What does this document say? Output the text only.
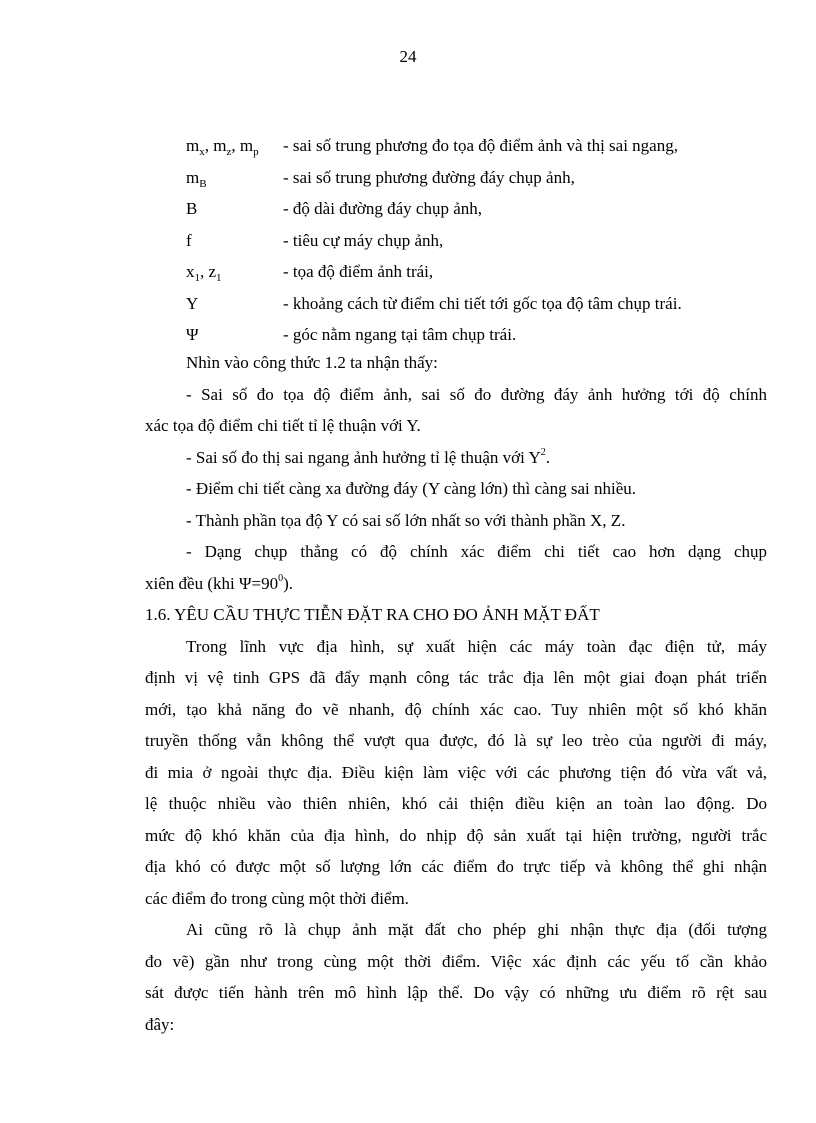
24
$m_x$, $m_z$, $m_p$ - sai số trung phương đo tọa độ điểm ảnh và thị sai ngang,
$m_B$	- sai số trung phương đường đáy chụp ảnh,
B	- độ dài đường đáy chụp ảnh,
f	- tiêu cự máy chụp ảnh,
$x_1$, $z_1$	- tọa độ điểm ảnh trái,
Y	- khoảng cách từ điểm chi tiết tới gốc tọa độ tâm chụp trái.
Ψ	- góc nằm ngang tại tâm chụp trái.

Nhìn vào công thức 1.2 ta nhận thấy:

- Sai số đo tọa độ điểm ảnh, sai số đo đường đáy ảnh hưởng tới độ chính

xác tọa độ điểm chi tiết tỉ lệ thuận với Y.

- Sai số đo thị sai ngang ảnh hưởng tỉ lệ thuận với $Y^2$.

- Điểm chi tiết càng xa đường đáy (Y càng lớn) thì càng sai nhiều.

- Thành phần tọa độ Y có sai số lớn nhất so với thành phần X, Z.

- Dạng chụp thẳng có độ chính xác điểm chi tiết cao hơn dạng chụp

xiên đều (khi $\Psi=90^0$).

1.6. YÊU CẦU THỰC TIỄN ĐẶT RA CHO ĐO ẢNH MẶT ĐẤT

Trong lĩnh vực địa hình, sự xuất hiện các máy toàn đạc điện tử, máy

định vị vệ tinh GPS đã đẩy mạnh công tác trắc địa lên một giai đoạn phát triển

mới, tạo khả năng đo vẽ nhanh, độ chính xác cao. Tuy nhiên một số khó khăn

truyền thống vẫn không thể vượt qua được, đó là sự leo trèo của người đi máy,

đi mia ở ngoài thực địa. Điều kiện làm việc với các phương tiện đó vừa vất vả,

lệ thuộc nhiều vào thiên nhiên, khó cải thiện điều kiện an toàn lao động. Do

mức độ khó khăn của địa hình, do nhịp độ sản xuất tại hiện trường, người trắc

địa khó có được một số lượng lớn các điểm đo trực tiếp và không thể ghi nhận

các điểm đo trong cùng một thời điểm.

Ai cũng rõ là chụp ảnh mặt đất cho phép ghi nhận thực địa (đối tượng

đo vẽ) gần như trong cùng một thời điểm. Việc xác định các yếu tố cần khảo

sát được tiến hành trên mô hình lập thể. Do vậy có những ưu điểm rõ rệt sau

đây:
